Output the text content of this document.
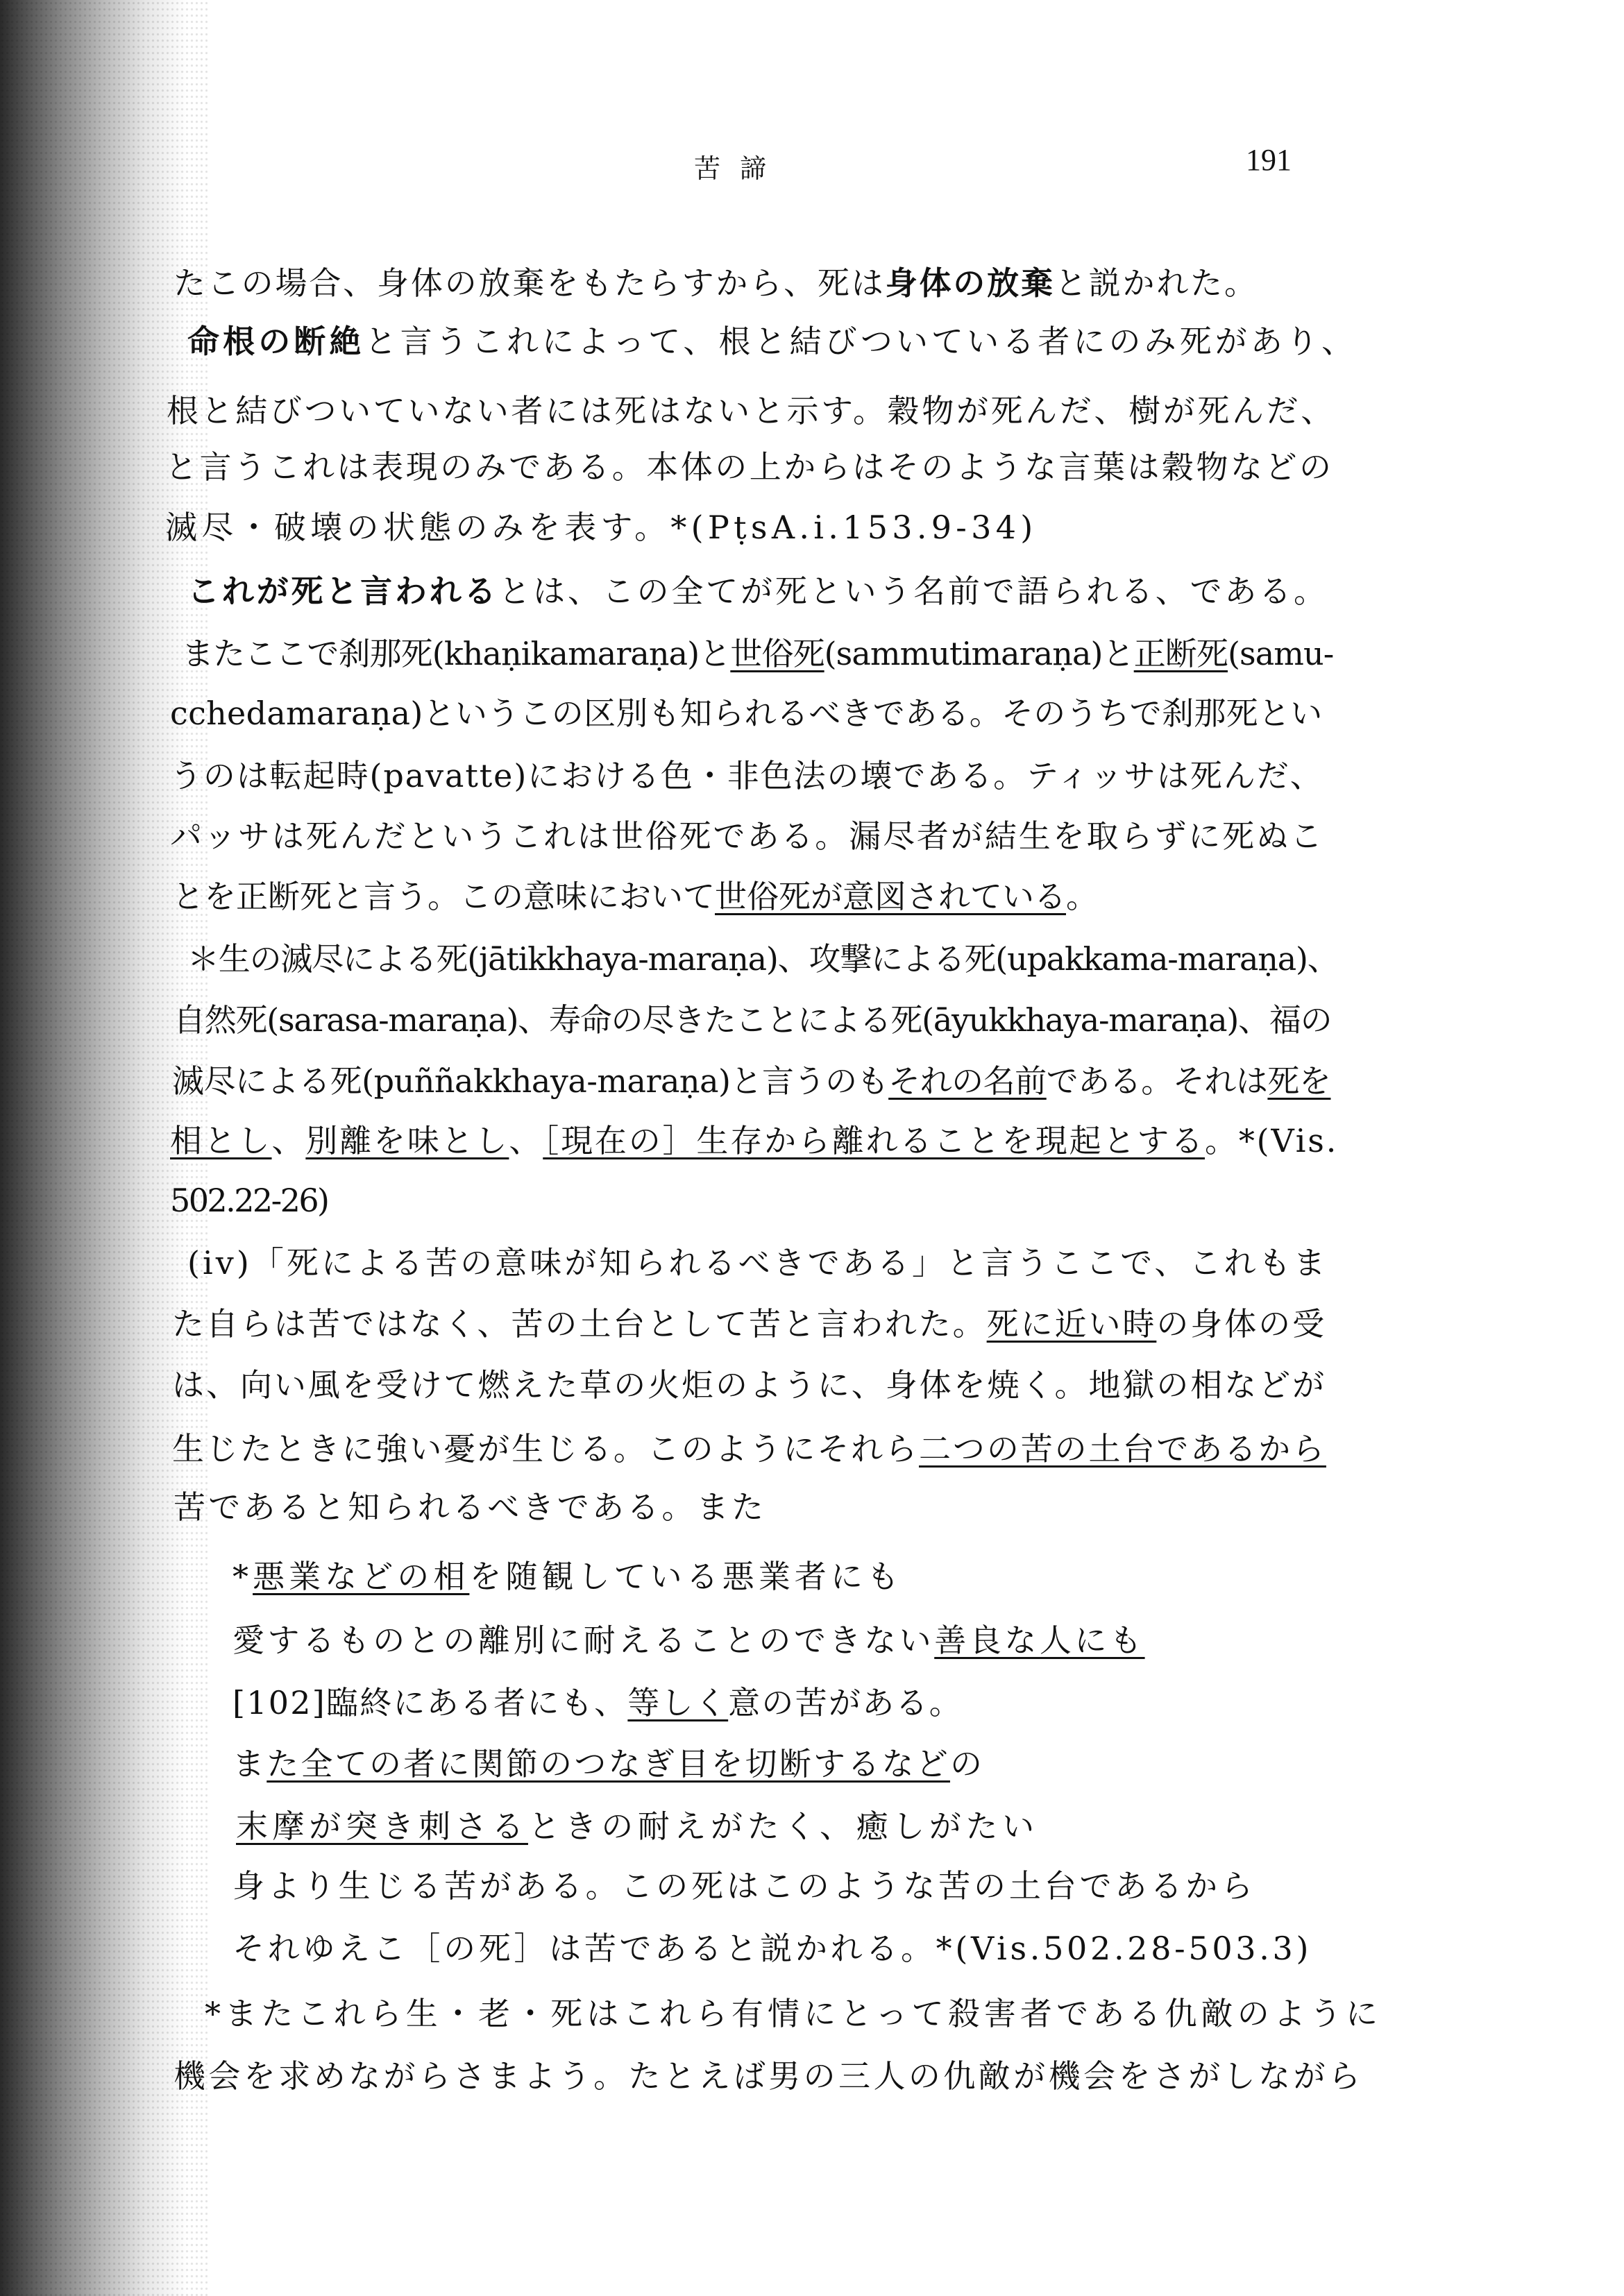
苦諦	191
たこの場合、身体の放棄をもたらすから、死は身体の放棄と説かれた。
命根の断絶と言うこれによって、根と結びついている者にのみ死があり、
根と結びついていない者には死はないと示す。穀物が死んだ、樹が死んだ、
と言うこれは表現のみである。本体の上からはそのような言葉は穀物などの
滅尽・破壊の状態のみを表す。*(PṭsA.i.153.9-34)
これが死と言われるとは、この全てが死という名前で語られる、である。
またここで刹那死(khaṇikamaraṇa)と世俗死(sammutimaraṇa)と正断死(samu-
cchedamaraṇa)というこの区別も知られるべきである。そのうちで刹那死とい
うのは転起時(pavatte)における色・非色法の壊である。ティッサは死んだ、
パッサは死んだというこれは世俗死である。漏尽者が結生を取らずに死ぬこ
とを正断死と言う。この意味において世俗死が意図されている。
＊生の滅尽による死(jātikkhaya-maraṇa)、攻撃による死(upakkama-maraṇa)、
自然死(sarasa-maraṇa)、寿命の尽きたことによる死(āyukkhaya-maraṇa)、福の
滅尽による死(puññakkhaya-maraṇa)と言うのもそれの名前である。それは死を
相とし、別離を味とし、［現在の］生存から離れることを現起とする。*(Vis.
502.22-26)
(iv)「死による苦の意味が知られるべきである」と言うここで、これもま
た自らは苦ではなく、苦の土台として苦と言われた。死に近い時の身体の受
は、向い風を受けて燃えた草の火炬のように、身体を焼く。地獄の相などが
生じたときに強い憂が生じる。このようにそれら二つの苦の土台であるから
苦であると知られるべきである。また
*悪業などの相を随観している悪業者にも
愛するものとの離別に耐えることのできない善良な人にも
[102]臨終にある者にも、等しく意の苦がある。
また全ての者に関節のつなぎ目を切断するなどの
末摩が突き刺さるときの耐えがたく、癒しがたい
身より生じる苦がある。この死はこのような苦の土台であるから
それゆえこ［の死］は苦であると説かれる。*(Vis.502.28-503.3)
*またこれら生・老・死はこれら有情にとって殺害者である仇敵のように
機会を求めながらさまよう。たとえば男の三人の仇敵が機会をさがしながら
